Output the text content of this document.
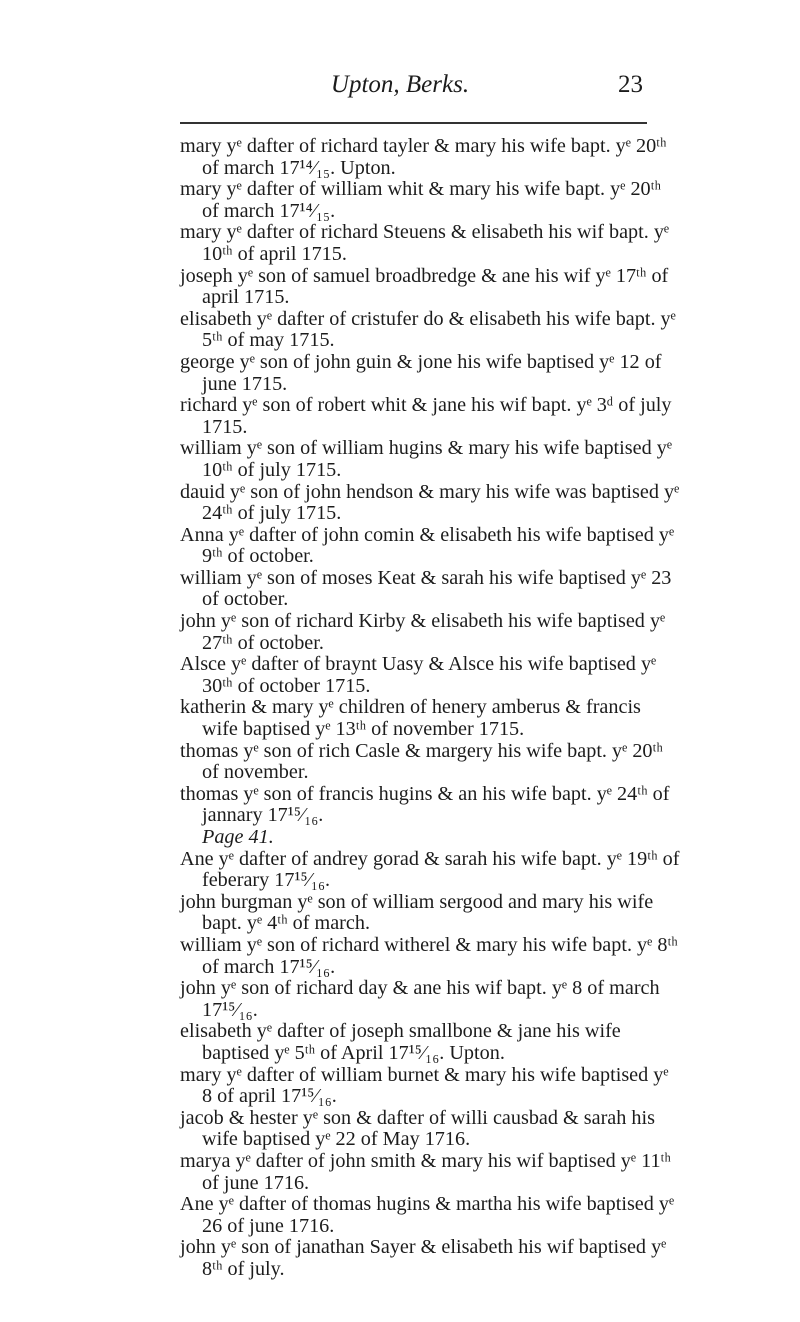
Upton, Berks.	23

mary yᵉ dafter of richard tayler & mary his wife bapt. yᵉ 20ᵗʰ of march 17¹⁴⁄₁₅. Upton.

mary yᵉ dafter of william whit & mary his wife bapt. yᵉ 20ᵗʰ of march 17¹⁴⁄₁₅.

mary yᵉ dafter of richard Steuens & elisabeth his wif bapt. yᵉ 10ᵗʰ of april 1715.

joseph yᵉ son of samuel broadbredge & ane his wif yᵉ 17ᵗʰ of april 1715.

elisabeth yᵉ dafter of cristufer do & elisabeth his wife bapt. yᵉ 5ᵗʰ of may 1715.

george yᵉ son of john guin & jone his wife baptised yᵉ 12 of june 1715.

richard yᵉ son of robert whit & jane his wif bapt. yᵉ 3ᵈ of july 1715.

william yᵉ son of william hugins & mary his wife baptised yᵉ 10ᵗʰ of july 1715.

dauid yᵉ son of john hendson & mary his wife was baptised yᵉ 24ᵗʰ of july 1715.

Anna yᵉ dafter of john comin & elisabeth his wife baptised yᵉ 9ᵗʰ of october.

william yᵉ son of moses Keat & sarah his wife baptised yᵉ 23 of october.

john yᵉ son of richard Kirby & elisabeth his wife baptised yᵉ 27ᵗʰ of october.

Alsce yᵉ dafter of braynt Uasy & Alsce his wife baptised yᵉ 30ᵗʰ of october 1715.

katherin & mary yᵉ children of henery amberus & francis wife baptised yᵉ 13ᵗʰ of november 1715.

thomas yᵉ son of rich Casle & margery his wife bapt. yᵉ 20ᵗʰ of november.

thomas yᵉ son of francis hugins & an his wife bapt. yᵉ 24ᵗʰ of jannary 17¹⁵⁄₁₆.

Page 41.

Ane yᵉ dafter of andrey gorad & sarah his wife bapt. yᵉ 19ᵗʰ of feberary 17¹⁵⁄₁₆.

john burgman yᵉ son of william sergood and mary his wife bapt. yᵉ 4ᵗʰ of march.

william yᵉ son of richard witherel & mary his wife bapt. yᵉ 8ᵗʰ of march 17¹⁵⁄₁₆.

john yᵉ son of richard day & ane his wif bapt. yᵉ 8 of march 17¹⁵⁄₁₆.

elisabeth yᵉ dafter of joseph smallbone & jane his wife baptised yᵉ 5ᵗʰ of April 17¹⁵⁄₁₆. Upton.

mary yᵉ dafter of william burnet & mary his wife baptised yᵉ 8 of april 17¹⁵⁄₁₆.

jacob & hester yᵉ son & dafter of willi causbad & sarah his wife baptised yᵉ 22 of May 1716.

marya yᵉ dafter of john smith & mary his wif baptised yᵉ 11ᵗʰ of june 1716.

Ane yᵉ dafter of thomas hugins & martha his wife baptised yᵉ 26 of june 1716.

john yᵉ son of janathan Sayer & elisabeth his wif baptised yᵉ 8ᵗʰ of july.
